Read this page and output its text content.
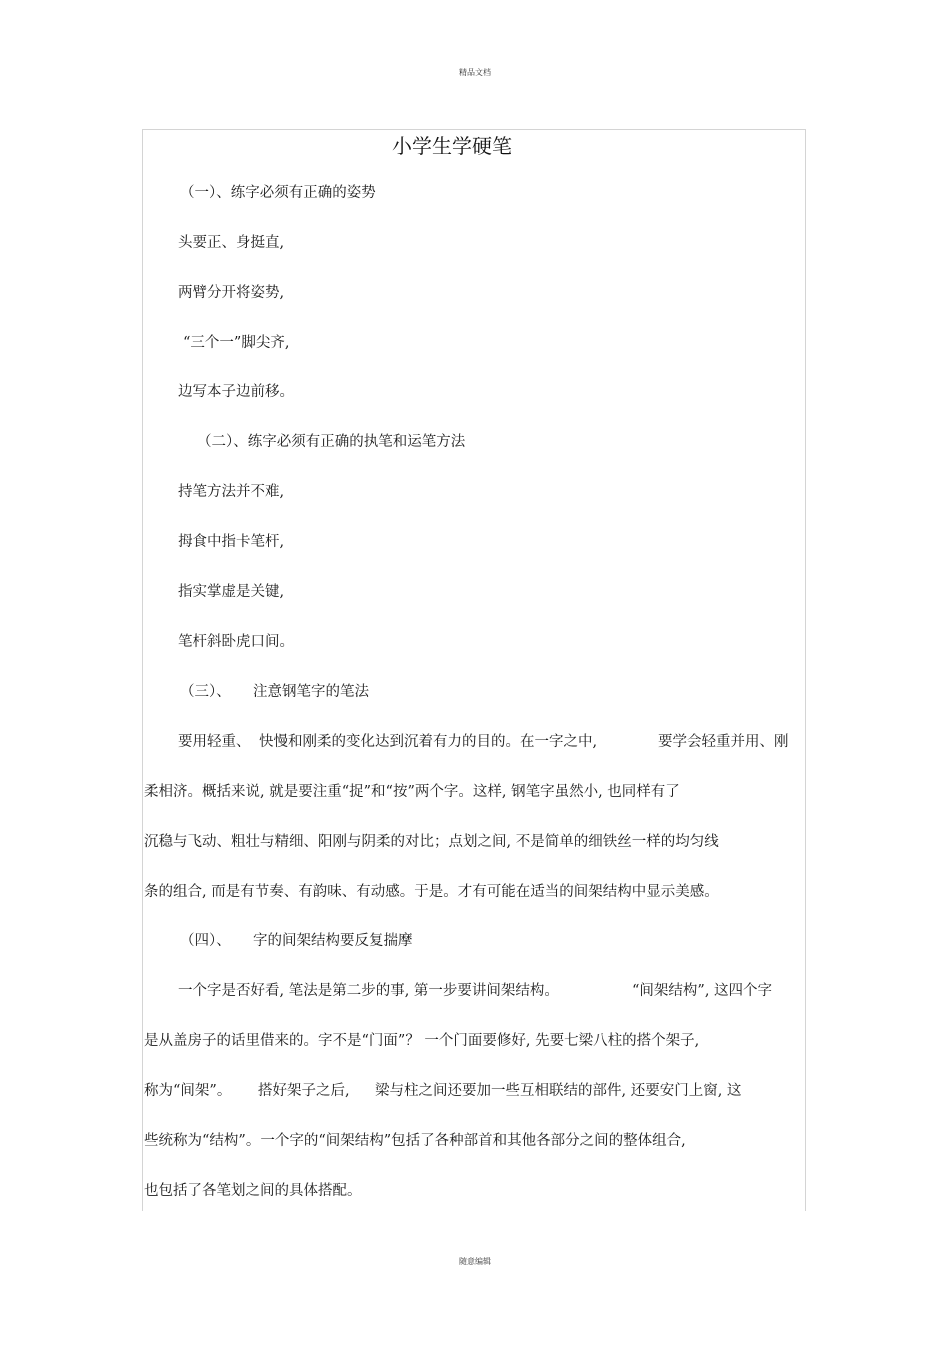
精品文档
小学生学硬笔
（一）、练字必须有正确的姿势
头要正、身挺直,
两臂分开将姿势,
“三个一”脚尖齐,
边写本子边前移。
（二）、练字必须有正确的执笔和运笔方法
持笔方法并不难,
拇食中指卡笔杆,
指实掌虚是关键,
笔杆斜卧虎口间。
（三）、 注意钢笔字的笔法
要用轻重、 快慢和刚柔的变化达到沉着有力的目的。在一字之中,	要学会轻重并用、刚
柔相济。概括来说, 就是要注重“捉”和“按”两个字。这样, 钢笔字虽然小, 也同样有了
沉稳与飞动、粗壮与精细、阳刚与阴柔的对比；点划之间, 不是简单的细铁丝一样的均匀线
条的组合, 而是有节奏、有韵味、有动感。于是。才有可能在适当的间架结构中显示美感。
（四）、 字的间架结构要反复揣摩
一个字是否好看, 笔法是第二步的事, 第一步要讲间架结构。	“间架结构”, 这四个字
是从盖房子的话里借来的。字不是“门面”？ 一个门面要修好, 先要七梁八柱的搭个架子,
称为“间架”。 搭好架子之后, 梁与柱之间还要加一些互相联结的部件, 还要安门上窗, 这
些统称为“结构”。一个字的“间架结构”包括了各种部首和其他各部分之间的整体组合,
也包括了各笔划之间的具体搭配。
随意编辑
